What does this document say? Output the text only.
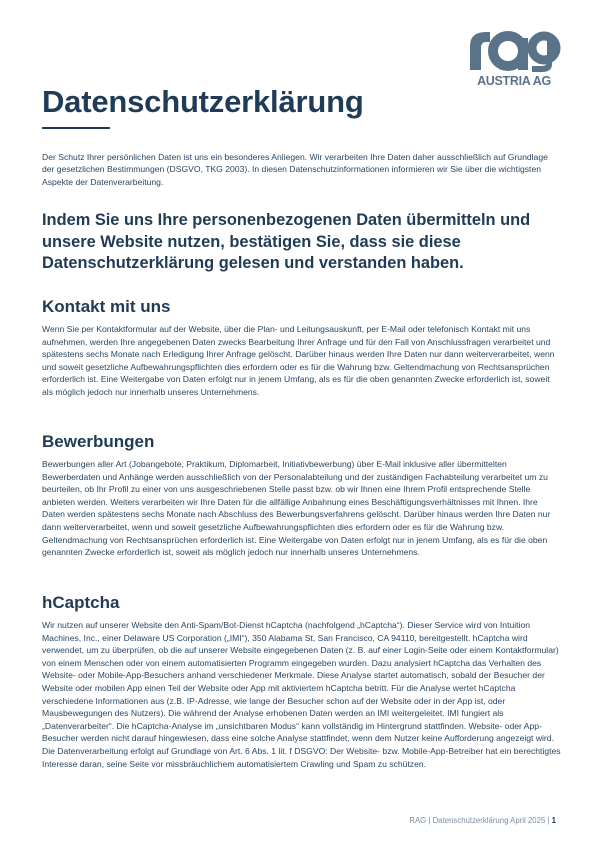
AUSTRIA AG
Datenschutzerklärung

Der Schutz Ihrer persönlichen Daten ist uns ein besonderes Anliegen. Wir verarbeiten Ihre Daten daher ausschließlich auf Grundlage der gesetzlichen Bestimmungen (DSGVO, TKG 2003). In diesen Datenschutzinformationen informieren wir Sie über die wichtigsten Aspekte der Datenverarbeitung.

Indem Sie uns Ihre personenbezogenen Daten übermitteln und unsere Website nutzen, bestätigen Sie, dass sie diese Datenschutzerklärung gelesen und verstanden haben.

Kontakt mit uns

Wenn Sie per Kontaktformular auf der Website, über die Plan- und Leitungsauskunft, per E-Mail oder telefonisch Kontakt mit uns aufnehmen, werden Ihre angegebenen Daten zwecks Bearbeitung Ihrer Anfrage und für den Fall von Anschlussfragen verarbeitet und spätestens sechs Monate nach Erledigung Ihrer Anfrage gelöscht. Darüber hinaus werden Ihre Daten nur dann weiterverarbeitet, wenn und soweit gesetzliche Aufbewahrungspflichten dies erfordern oder es für die Wahrung bzw. Geltendmachung von Rechtsansprüchen erforderlich ist. Eine Weitergabe von Daten erfolgt nur in jenem Umfang, als es für die oben genannten Zwecke erforderlich ist, soweit als möglich jedoch nur innerhalb unseres Unternehmens.

Bewerbungen

Bewerbungen aller Art (Jobangebote, Praktikum, Diplomarbeit, Initiativbewerbung) über E-Mail inklusive aller übermittelten Bewerberdaten und Anhänge werden ausschließlich von der Personalabteilung und der zuständigen Fachabteilung verarbeitet um zu beurteilen, ob Ihr Profil zu einer von uns ausgeschriebenen Stelle passt bzw. ob wir Ihnen eine Ihrem Profil entsprechende Stelle anbieten werden. Weiters verarbeiten wir Ihre Daten für die allfällige Anbahnung eines Beschäftigungsverhältnisses mit Ihnen. Ihre Daten werden spätestens sechs Monate nach Abschluss des Bewerbungsverfahrens gelöscht. Darüber hinaus werden Ihre Daten nur dann weiterverarbeitet, wenn und soweit gesetzliche Aufbewahrungspflichten dies erfordern oder es für die Wahrung bzw. Geltendmachung von Rechtsansprüchen erforderlich ist. Eine Weitergabe von Daten erfolgt nur in jenem Umfang, als es für die oben genannten Zwecke erforderlich ist, soweit als möglich jedoch nur innerhalb unseres Unternehmens.

hCaptcha

Wir nutzen auf unserer Website den Anti-Spam/Bot-Dienst hCaptcha (nachfolgend „hCaptcha“). Dieser Service wird von Intuition Machines, Inc., einer Delaware US Corporation („IMI“), 350 Alabama St, San Francisco, CA 94110, bereitgestellt. hCaptcha wird verwendet, um zu überprüfen, ob die auf unserer Website eingegebenen Daten (z. B. auf einer Login-Seite oder einem Kontaktformular) von einem Menschen oder von einem automatisierten Programm eingegeben wurden. Dazu analysiert hCaptcha das Verhalten des Website- oder Mobile-App-Besuchers anhand verschiedener Merkmale. Diese Analyse startet automatisch, sobald der Besucher der Website oder mobilen App einen Teil der Website oder App mit aktiviertem hCaptcha betritt. Für die Analyse wertet hCaptcha verschiedene Informationen aus (z.B. IP-Adresse, wie lange der Besucher schon auf der Website oder in der App ist, oder Mausbewegungen des Nutzers). Die während der Analyse erhobenen Daten werden an IMI weitergeleitet. IMI fungiert als „Datenverarbeiter“. Die hCaptcha-Analyse im „unsichtbaren Modus“ kann vollständig im Hintergrund stattfinden. Website- oder App-Besucher werden nicht darauf hingewiesen, dass eine solche Analyse stattfindet, wenn dem Nutzer keine Aufforderung angezeigt wird. Die Datenverarbeitung erfolgt auf Grundlage von Art. 6 Abs. 1 lit. f DSGVO: Der Website- bzw. Mobile-App-Betreiber hat ein berechtigtes Interesse daran, seine Seite vor missbräuchlichem automatisiertem Crawling und Spam zu schützen.

RAG | Datenschutzerklärung April 2025 | 1
